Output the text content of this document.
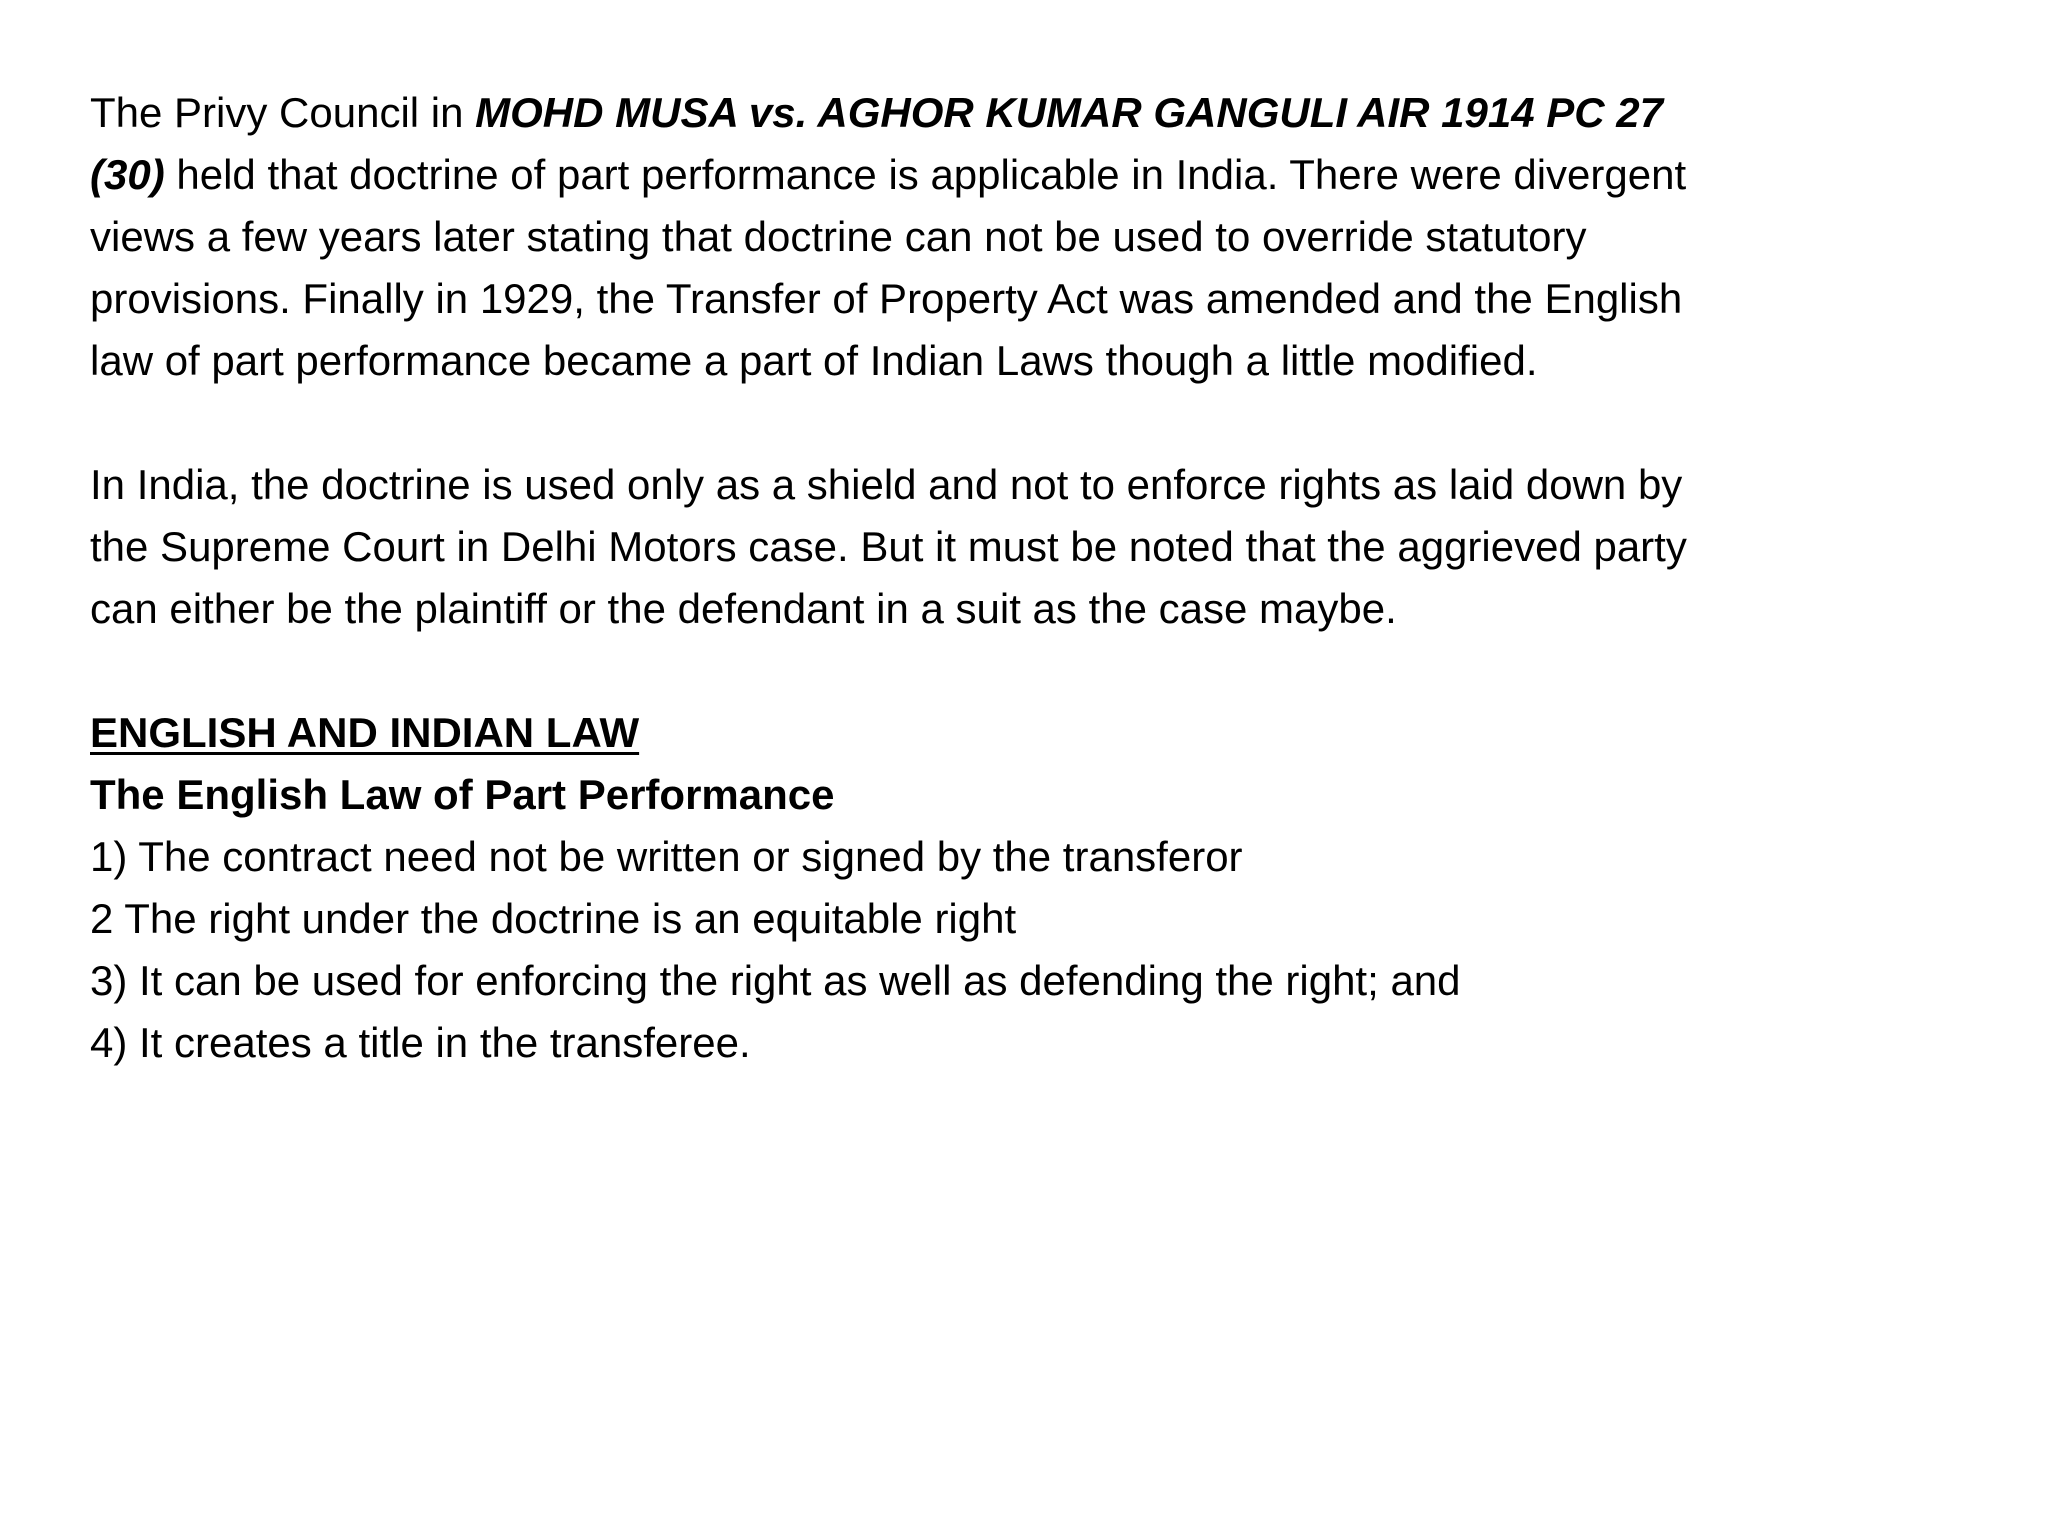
The Privy Council in MOHD MUSA vs. AGHOR KUMAR GANGULI AIR 1914 PC 27
(30) held that doctrine of part performance is applicable in India. There were divergent
views a few years later stating that doctrine can not be used to override statutory
provisions. Finally in 1929, the Transfer of Property Act was amended and the English
law of part performance became a part of Indian Laws though a little modified.

In India, the doctrine is used only as a shield and not to enforce rights as laid down by
the Supreme Court in Delhi Motors case. But it must be noted that the aggrieved party
can either be the plaintiff or the defendant in a suit as the case maybe.

ENGLISH AND INDIAN LAW

The English Law of Part Performance

1) The contract need not be written or signed by the transferor

2 The right under the doctrine is an equitable right

3) It can be used for enforcing the right as well as defending the right; and

4) It creates a title in the transferee.
